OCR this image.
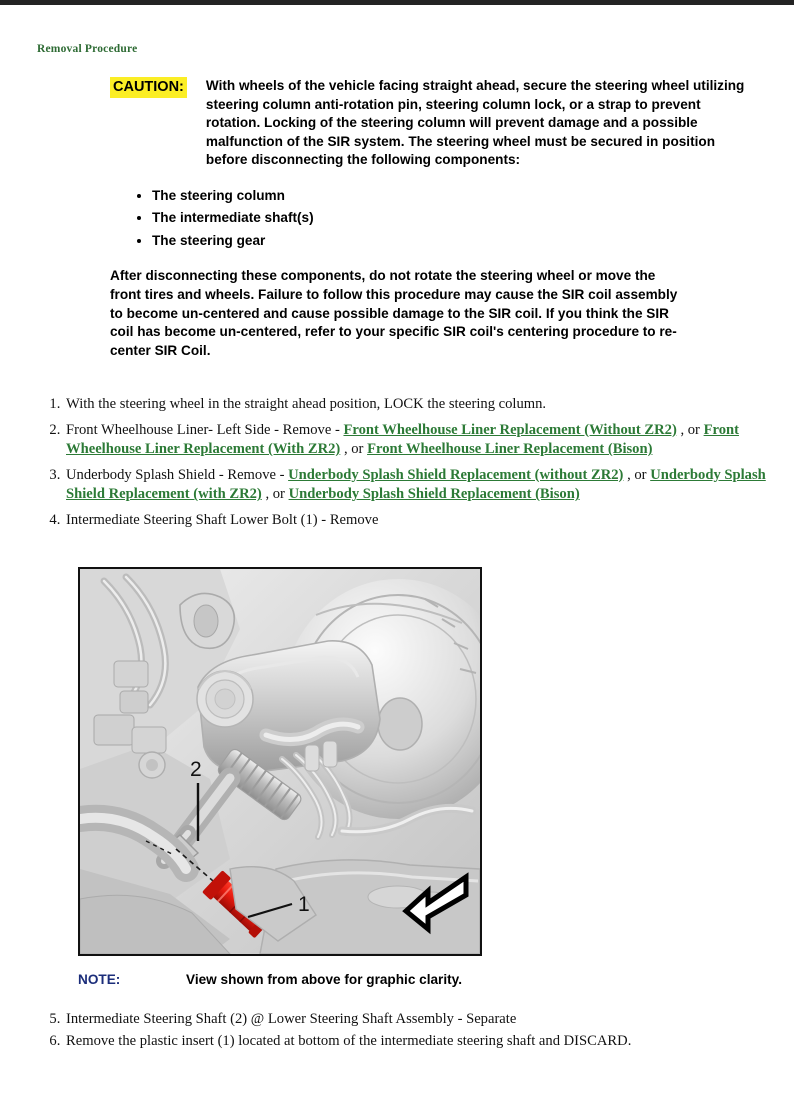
Removal Procedure
CAUTION: With wheels of the vehicle facing straight ahead, secure the steering wheel utilizing steering column anti-rotation pin, steering column lock, or a strap to prevent rotation. Locking of the steering column will prevent damage and a possible malfunction of the SIR system. The steering wheel must be secured in position before disconnecting the following components:
• The steering column
• The intermediate shaft(s)
• The steering gear
After disconnecting these components, do not rotate the steering wheel or move the front tires and wheels. Failure to follow this procedure may cause the SIR coil assembly to become un-centered and cause possible damage to the SIR coil. If you think the SIR coil has become un-centered, refer to your specific SIR coil's centering procedure to re-center SIR Coil.
1. With the steering wheel in the straight ahead position, LOCK the steering column.
2. Front Wheelhouse Liner- Left Side - Remove - Front Wheelhouse Liner Replacement (Without ZR2) , or Front Wheelhouse Liner Replacement (With ZR2) , or Front Wheelhouse Liner Replacement (Bison)
3. Underbody Splash Shield - Remove - Underbody Splash Shield Replacement (without ZR2) , or Underbody Splash Shield Replacement (with ZR2) , or Underbody Splash Shield Replacement (Bison)
4. Intermediate Steering Shaft Lower Bolt (1) - Remove
2
1
NOTE:	View shown from above for graphic clarity.
5. Intermediate Steering Shaft (2) @ Lower Steering Shaft Assembly - Separate
6. Remove the plastic insert (1) located at bottom of the intermediate steering shaft and DISCARD.
